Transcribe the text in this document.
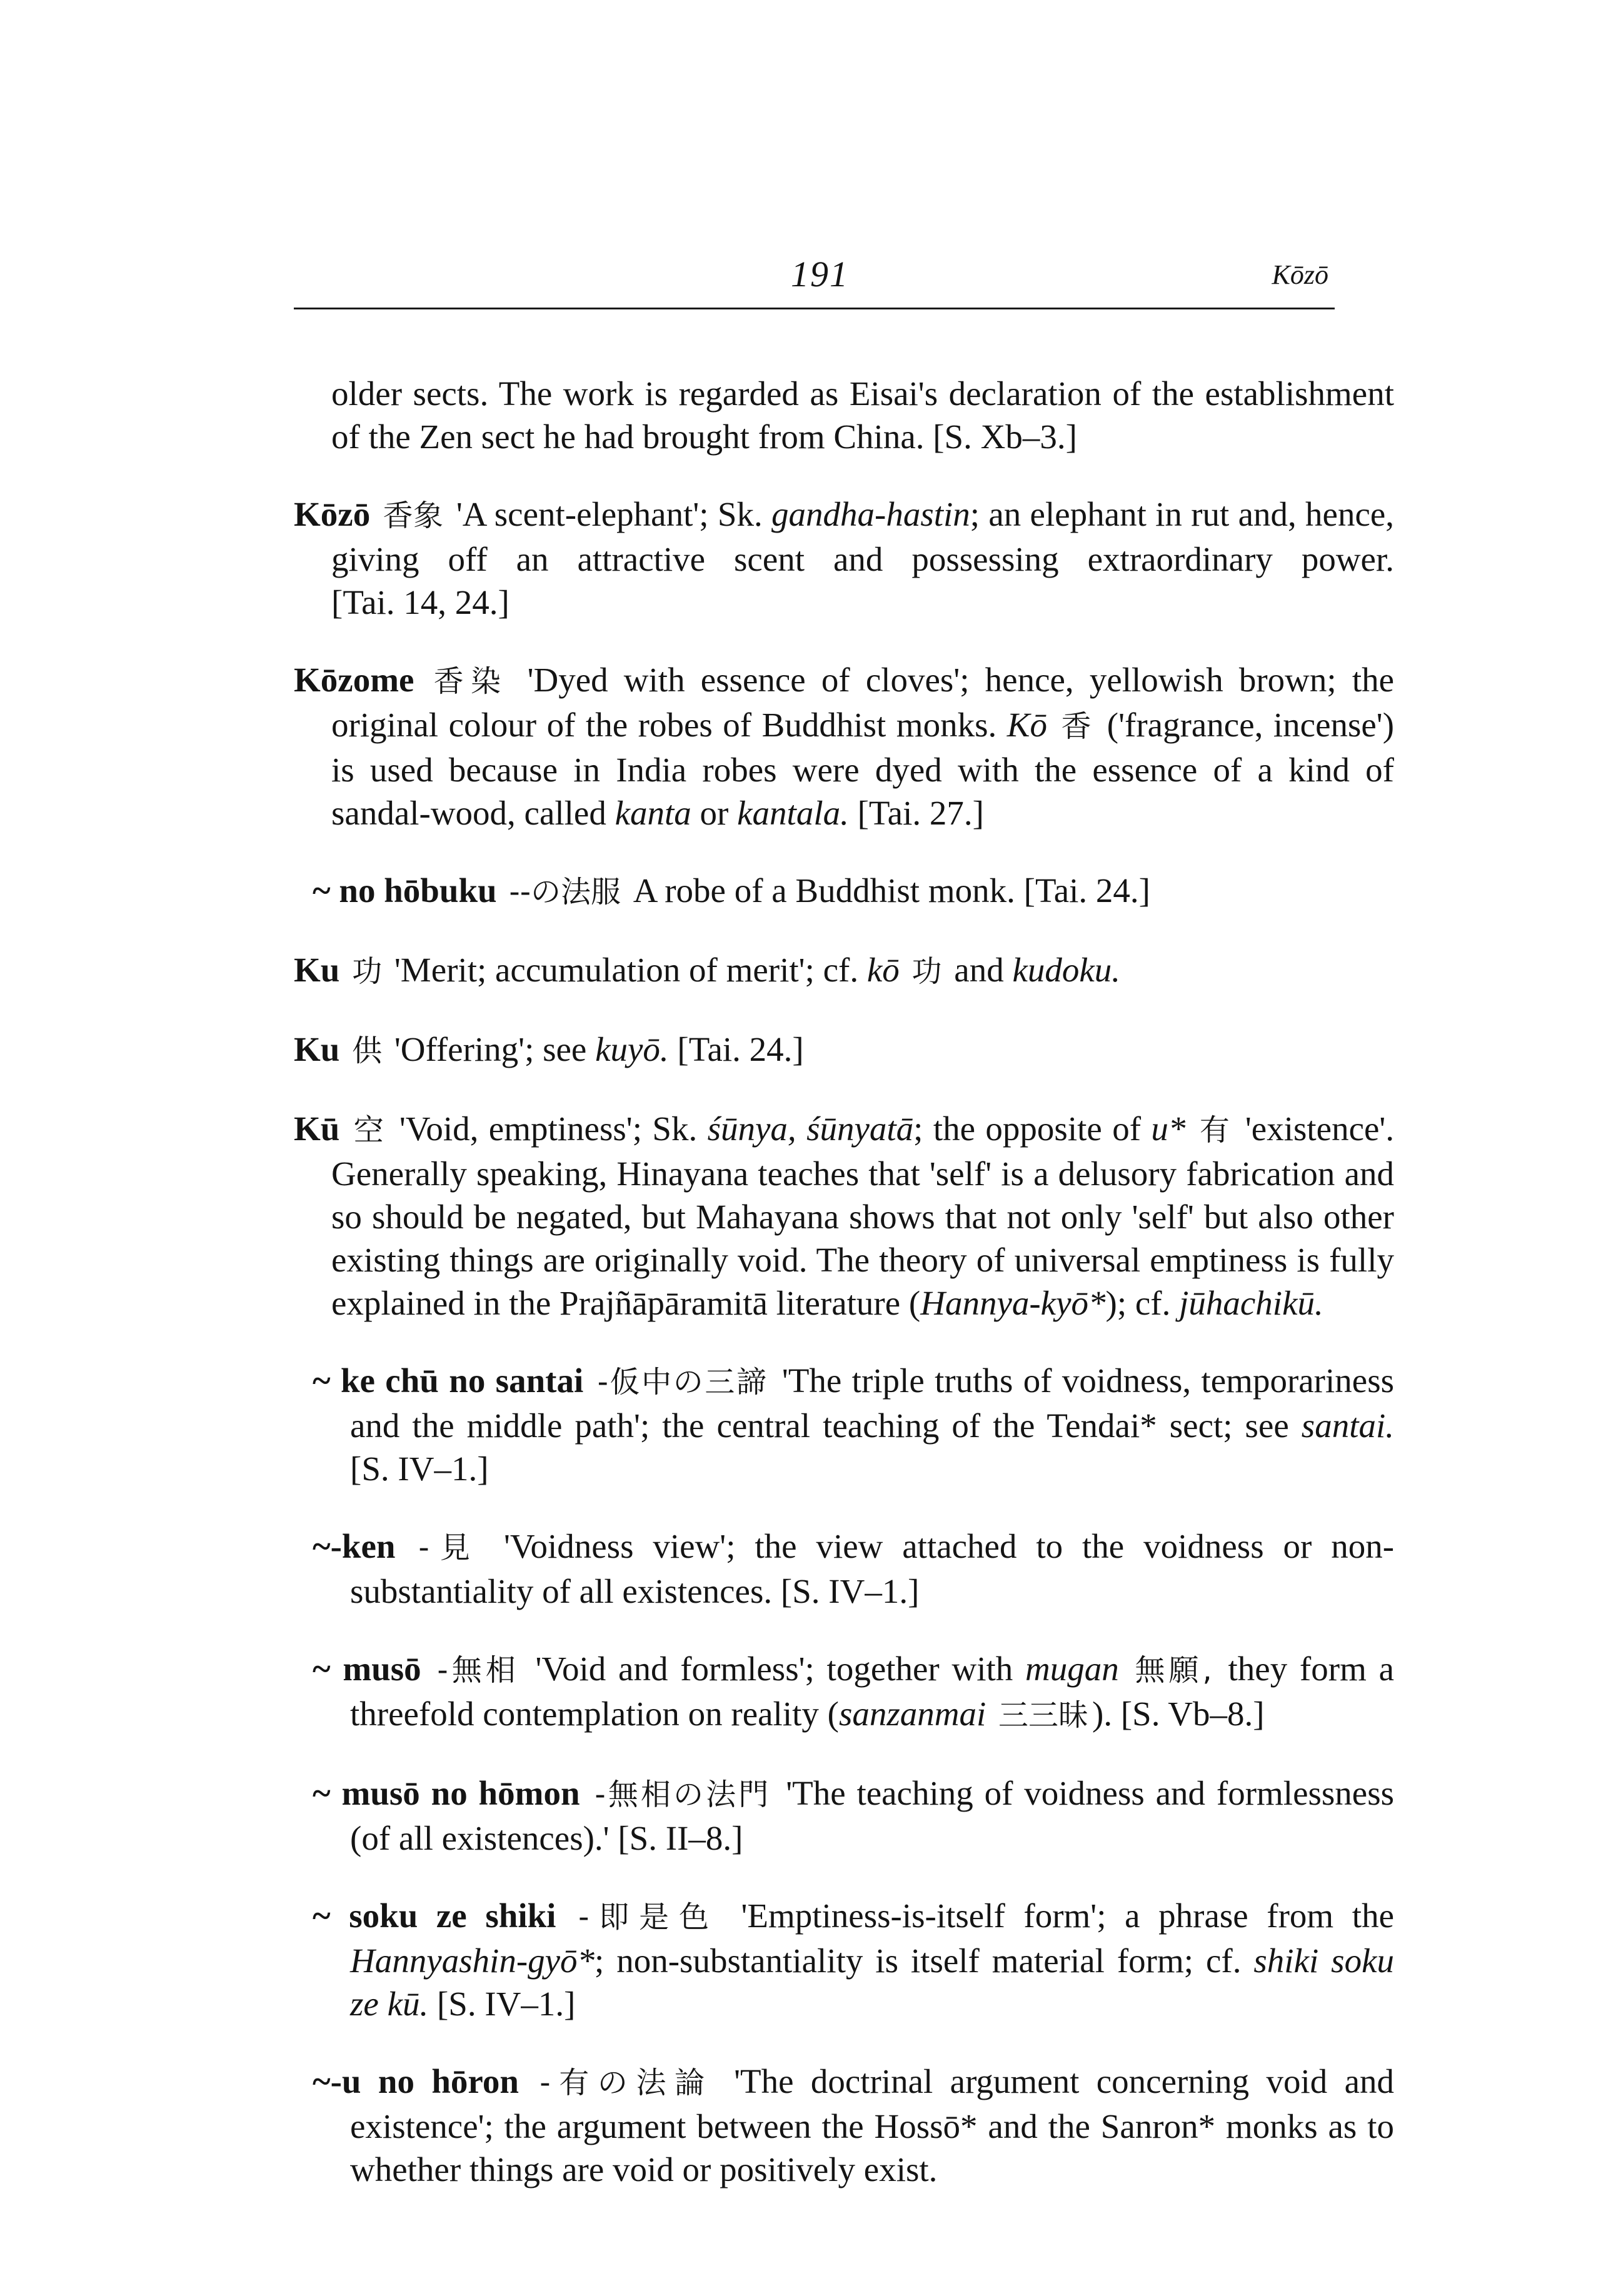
191	Kōzō

older sects. The work is regarded as Eisai's declaration of the establishment of the Zen sect he had brought from China. [S. Xb–3.]

Kōzō 香象 'A scent-elephant'; Sk. gandha-hastin; an elephant in rut and, hence, giving off an attractive scent and possessing extraordinary power. [Tai. 14, 24.]

Kōzome 香染 'Dyed with essence of cloves'; hence, yellowish brown; the original colour of the robes of Buddhist monks. Kō 香 ('fragrance, incense') is used because in India robes were dyed with the essence of a kind of sandal-wood, called kanta or kantala. [Tai. 27.]

~ no hōbuku --の法服 A robe of a Buddhist monk. [Tai. 24.]

Ku 功 'Merit; accumulation of merit'; cf. kō 功 and kudoku.

Ku 供 'Offering'; see kuyō. [Tai. 24.]

Kū 空 'Void, emptiness'; Sk. śūnya, śūnyatā; the opposite of u* 有 'existence'. Generally speaking, Hinayana teaches that 'self' is a delusory fabrication and so should be negated, but Mahayana shows that not only 'self' but also other existing things are originally void. The theory of universal emptiness is fully explained in the Prajñāpāramitā literature (Hannya-kyō*); cf. jūhachikū.

~ ke chū no santai -仮中の三諦 'The triple truths of voidness, temporariness and the middle path'; the central teaching of the Tendai* sect; see santai. [S. IV–1.]

~-ken -見 'Voidness view'; the view attached to the voidness or non-substantiality of all existences. [S. IV–1.]

~ musō -無相 'Void and formless'; together with mugan 無願, they form a threefold contemplation on reality (sanzanmai 三三昧 ). [S. Vb–8.]

~ musō no hōmon -無相の法門 'The teaching of voidness and formlessness (of all existences).' [S. II–8.]

~ soku ze shiki -即是色 'Emptiness-is-itself form'; a phrase from the Hannyashin-gyō*; non-substantiality is itself material form; cf. shiki soku ze kū. [S. IV–1.]

~-u no hōron -有の法論 'The doctrinal argument concerning void and existence'; the argument between the Hossō* and the Sanron* monks as to whether things are void or positively exist.
